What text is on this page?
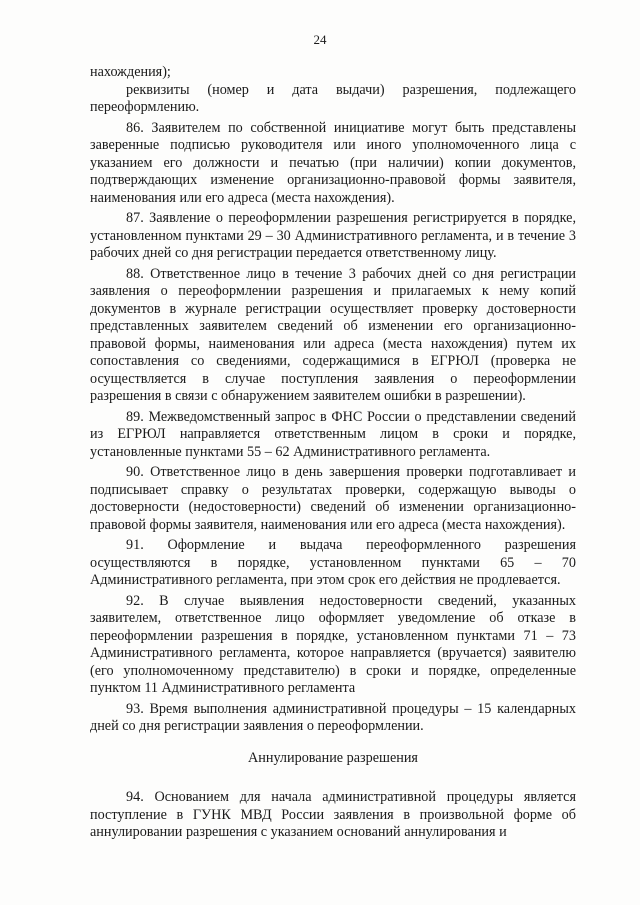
24

нахождения);

реквизиты (номер и дата выдачи) разрешения, подлежащего переоформлению.

86. Заявителем по собственной инициативе могут быть представлены заверенные подписью руководителя или иного уполномоченного лица с указанием его должности и печатью (при наличии) копии документов, подтверждающих изменение организационно-правовой формы заявителя, наименования или его адреса (места нахождения).

87. Заявление о переоформлении разрешения регистрируется в порядке, установленном пунктами 29 – 30 Административного регламента, и в течение 3 рабочих дней со дня регистрации передается ответственному лицу.

88. Ответственное лицо в течение 3 рабочих дней со дня регистрации заявления о переоформлении разрешения и прилагаемых к нему копий документов в журнале регистрации осуществляет проверку достоверности представленных заявителем сведений об изменении его организационно-правовой формы, наименования или адреса (места нахождения) путем их сопоставления со сведениями, содержащимися в ЕГРЮЛ (проверка не осуществляется в случае поступления заявления о переоформлении разрешения в связи с обнаружением заявителем ошибки в разрешении).

89. Межведомственный запрос в ФНС России о представлении сведений из ЕГРЮЛ направляется ответственным лицом в сроки и порядке, установленные пунктами 55 – 62 Административного регламента.

90. Ответственное лицо в день завершения проверки подготавливает и подписывает справку о результатах проверки, содержащую выводы о достоверности (недостоверности) сведений об изменении организационно-правовой формы заявителя, наименования или его адреса (места нахождения).

91. Оформление и выдача переоформленного разрешения осуществляются в порядке, установленном пунктами 65 – 70 Административного регламента, при этом срок его действия не продлевается.

92. В случае выявления недостоверности сведений, указанных заявителем, ответственное лицо оформляет уведомление об отказе в переоформлении разрешения в порядке, установленном пунктами 71 – 73 Административного регламента, которое направляется (вручается) заявителю (его уполномоченному представителю) в сроки и порядке, определенные пунктом 11 Административного регламента

93. Время выполнения административной процедуры – 15 календарных дней со дня регистрации заявления о переоформлении.

Аннулирование разрешения

94. Основанием для начала административной процедуры является поступление в ГУНК МВД России заявления в произвольной форме об аннулировании разрешения с указанием оснований аннулирования и
